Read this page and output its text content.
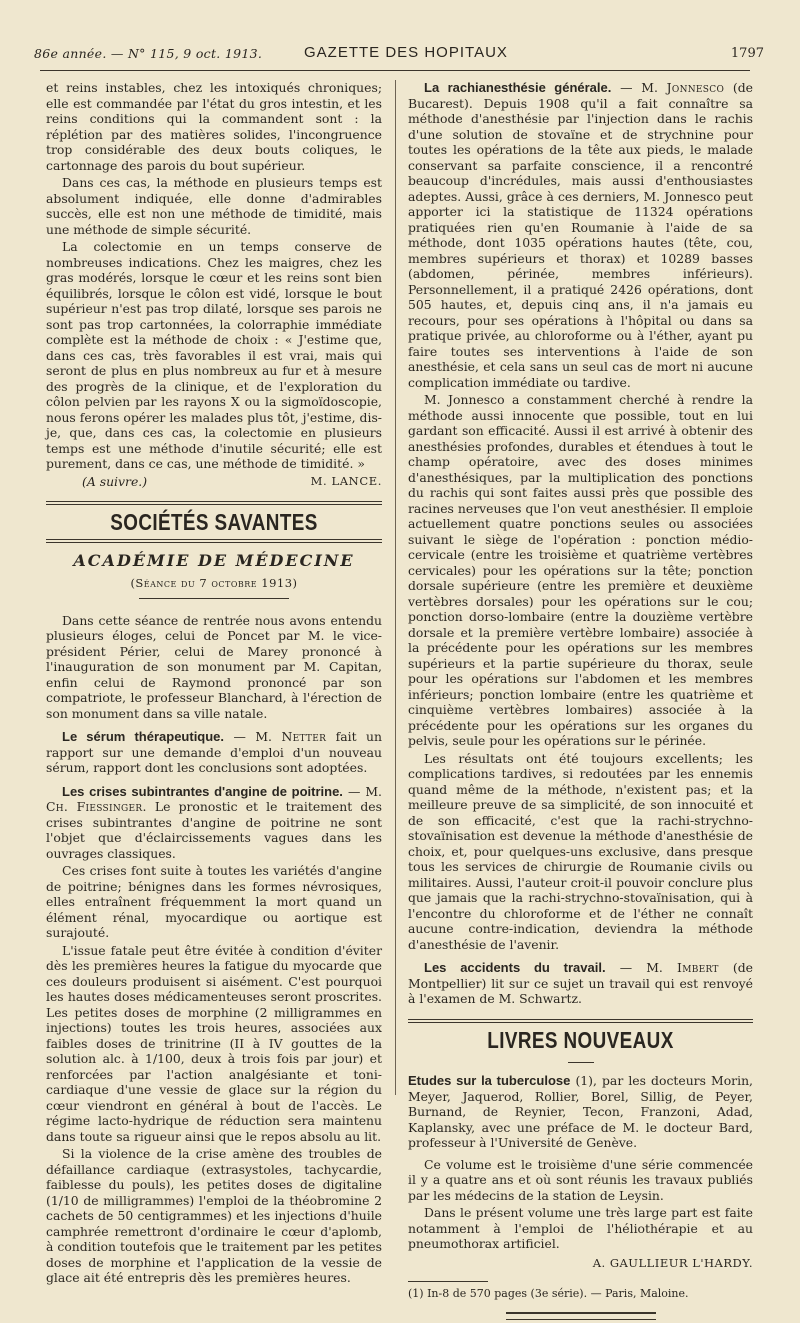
86e année. — N° 115, 9 oct. 1913.	GAZETTE DES HOPITAUX	1797

et reins instables, chez les intoxiqués chroniques; elle est commandée par l'état du gros intestin, et les reins conditions qui la commandent sont : la réplétion par des matières solides, l'incongruence trop considérable des deux bouts coliques, le cartonnage des parois du bout supérieur.

Dans ces cas, la méthode en plusieurs temps est absolument indiquée, elle donne d'admirables succès, elle est non une méthode de timidité, mais une méthode de simple sécurité.

La colectomie en un temps conserve de nombreuses indications. Chez les maigres, chez les gras modérés, lorsque le cœur et les reins sont bien équilibrés, lorsque le côlon est vidé, lorsque le bout supérieur n'est pas trop dilaté, lorsque ses parois ne sont pas trop cartonnées, la colorraphie immédiate complète est la méthode de choix : « J'estime que, dans ces cas, très favorables il est vrai, mais qui seront de plus en plus nombreux au fur et à mesure des progrès de la clinique, et de l'exploration du côlon pelvien par les rayons X ou la sigmoïdoscopie, nous ferons opérer les malades plus tôt, j'estime, dis-je, que, dans ces cas, la colectomie en plusieurs temps est une méthode d'inutile sécurité; elle est purement, dans ce cas, une méthode de timidité. »

(A suivre.)	M. LANCE.
SOCIÉTÉS SAVANTES
ACADÉMIE DE MÉDECINE
(Séance du 7 octobre 1913)

Dans cette séance de rentrée nous avons entendu plusieurs éloges, celui de Poncet par M. le vice-président Périer, celui de Marey prononcé à l'inauguration de son monument par M. Capitan, enfin celui de Raymond prononcé par son compatriote, le professeur Blanchard, à l'érection de son monument dans sa ville natale.

Le sérum thérapeutique. — M. Netter fait un rapport sur une demande d'emploi d'un nouveau sérum, rapport dont les conclusions sont adoptées.

Les crises subintrantes d'angine de poitrine. — M. Ch. Fiessinger. Le pronostic et le traitement des crises subintrantes d'angine de poitrine ne sont l'objet que d'éclaircissements vagues dans les ouvrages classiques.

Ces crises font suite à toutes les variétés d'angine de poitrine; bénignes dans les formes névrosiques, elles entraînent fréquemment la mort quand un élément rénal, myocardique ou aortique est surajouté.

L'issue fatale peut être évitée à condition d'éviter dès les premières heures la fatigue du myocarde que ces douleurs produisent si aisément. C'est pourquoi les hautes doses médicamenteuses seront proscrites. Les petites doses de morphine (2 milligrammes en injections) toutes les trois heures, associées aux faibles doses de trinitrine (II à IV gouttes de la solution alc. à 1/100, deux à trois fois par jour) et renforcées par l'action analgésiante et toni-cardiaque d'une vessie de glace sur la région du cœur viendront en général à bout de l'accès. Le régime lacto-hydrique de réduction sera maintenu dans toute sa rigueur ainsi que le repos absolu au lit.

Si la violence de la crise amène des troubles de défaillance cardiaque (extrasystoles, tachycardie, faiblesse du pouls), les petites doses de digitaline (1/10 de milligrammes) l'emploi de la théobromine 2 cachets de 50 centigrammes) et les injections d'huile camphrée remettront d'ordinaire le cœur d'aplomb, à condition toutefois que le traitement par les petites doses de morphine et l'application de la vessie de glace ait été entrepris dès les premières heures.

La rachianesthésie générale. — M. Jonnesco (de Bucarest). Depuis 1908 qu'il a fait connaître sa méthode d'anesthésie par l'injection dans le rachis d'une solution de stovaïne et de strychnine pour toutes les opérations de la tête aux pieds, le malade conservant sa parfaite conscience, il a rencontré beaucoup d'incrédules, mais aussi d'enthousiastes adeptes. Aussi, grâce à ces derniers, M. Jonnesco peut apporter ici la statistique de 11324 opérations pratiquées rien qu'en Roumanie à l'aide de sa méthode, dont 1035 opérations hautes (tête, cou, membres supérieurs et thorax) et 10289 basses (abdomen, périnée, membres inférieurs). Personnellement, il a pratiqué 2426 opérations, dont 505 hautes, et, depuis cinq ans, il n'a jamais eu recours, pour ses opérations à l'hôpital ou dans sa pratique privée, au chloroforme ou à l'éther, ayant pu faire toutes ses interventions à l'aide de son anesthésie, et cela sans un seul cas de mort ni aucune complication immédiate ou tardive.

M. Jonnesco a constamment cherché à rendre la méthode aussi innocente que possible, tout en lui gardant son efficacité. Aussi il est arrivé à obtenir des anesthésies profondes, durables et étendues à tout le champ opératoire, avec des doses minimes d'anesthésiques, par la multiplication des ponctions du rachis qui sont faites aussi près que possible des racines nerveuses que l'on veut anesthésier. Il emploie actuellement quatre ponctions seules ou associées suivant le siège de l'opération : ponction médio-cervicale (entre les troisième et quatrième vertèbres cervicales) pour les opérations sur la tête; ponction dorsale supérieure (entre les première et deuxième vertèbres dorsales) pour les opérations sur le cou; ponction dorso-lombaire (entre la douzième vertèbre dorsale et la première vertèbre lombaire) associée à la précédente pour les opérations sur les membres supérieurs et la partie supérieure du thorax, seule pour les opérations sur l'abdomen et les membres inférieurs; ponction lombaire (entre les quatrième et cinquième vertèbres lombaires) associée à la précédente pour les opérations sur les organes du pelvis, seule pour les opérations sur le périnée.

Les résultats ont été toujours excellents; les complications tardives, si redoutées par les ennemis quand même de la méthode, n'existent pas; et la meilleure preuve de sa simplicité, de son innocuité et de son efficacité, c'est que la rachi-strychno-stovaïnisation est devenue la méthode d'anesthésie de choix, et, pour quelques-uns exclusive, dans presque tous les services de chirurgie de Roumanie civils ou militaires. Aussi, l'auteur croit-il pouvoir conclure plus que jamais que la rachi-strychno-stovaïnisation, qui à l'encontre du chloroforme et de l'éther ne connaît aucune contre-indication, deviendra la méthode d'anesthésie de l'avenir.

Les accidents du travail. — M. Imbert (de Montpellier) lit sur ce sujet un travail qui est renvoyé à l'examen de M. Schwartz.

LIVRES NOUVEAUX

Etudes sur la tuberculose (1), par les docteurs Morin, Meyer, Jaquerod, Rollier, Borel, Sillig, de Peyer, Burnand, de Reynier, Tecon, Franzoni, Adad, Kaplansky, avec une préface de M. le docteur Bard, professeur à l'Université de Genève.

Ce volume est le troisième d'une série commencée il y a quatre ans et où sont réunis les travaux publiés par les médecins de la station de Leysin.

Dans le présent volume une très large part est faite notamment à l'emploi de l'héliothérapie et au pneumothorax artificiel.

A. GAULLIEUR L'HARDY.
(1) In-8 de 570 pages (3e série). — Paris, Maloine.
